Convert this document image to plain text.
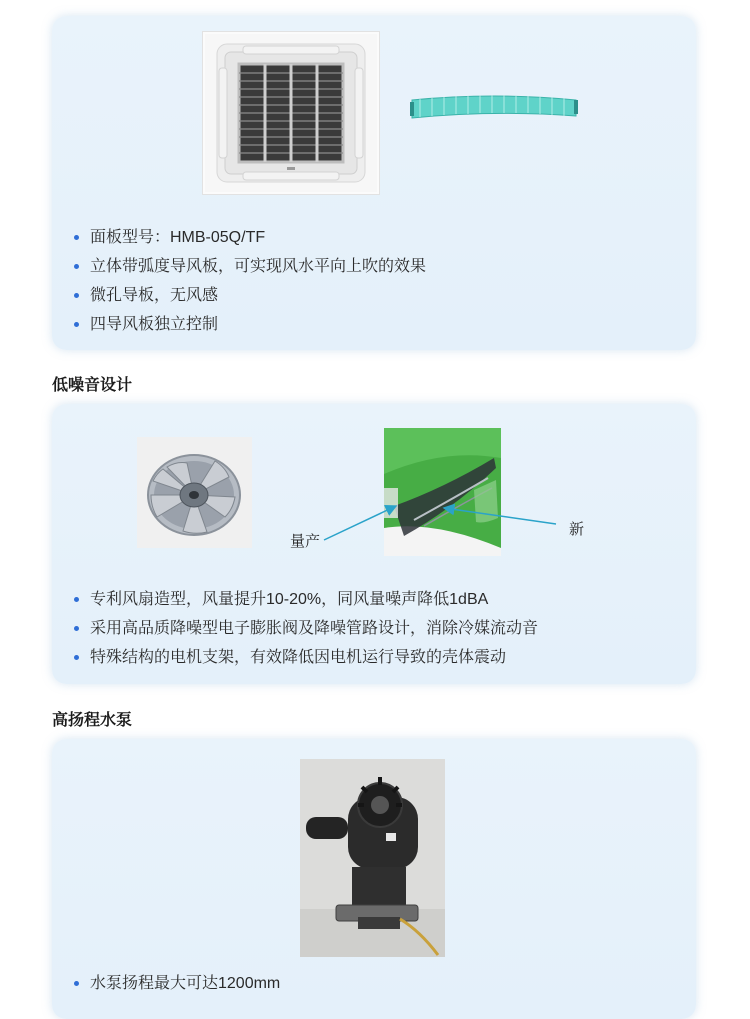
面板型号：HMB-05Q/TF
立体带弧度导风板，可实现风水平向上吹的效果
微孔导板，无风感
四导风板独立控制
低噪音设计
量产
新
专利风扇造型，风量提升10-20%，同风量噪声降低1dBA
采用高品质降噪型电子膨胀阀及降噪管路设计，消除冷媒流动音
特殊结构的电机支架，有效降低因电机运行导致的壳体震动
高扬程水泵
水泵扬程最大可达1200mm
